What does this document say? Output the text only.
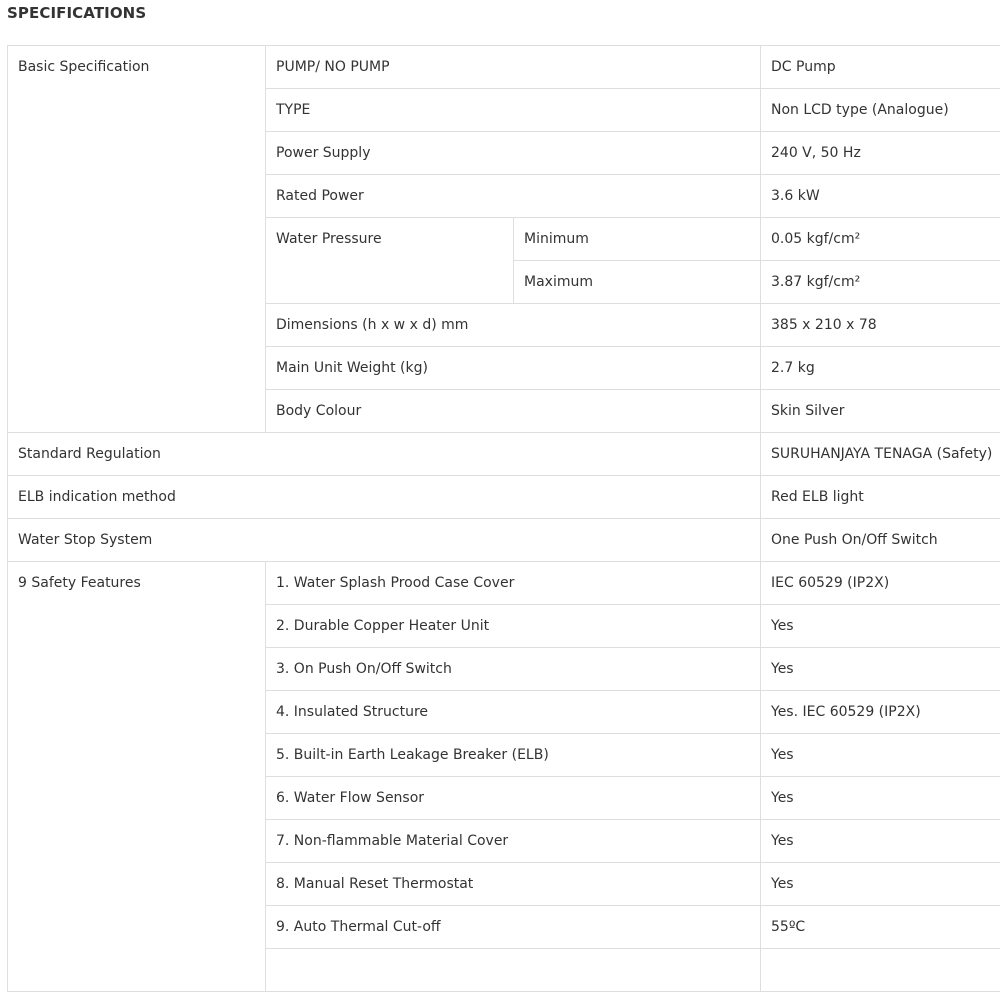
SPECIFICATIONS
Basic Specification	PUMP/ NO PUMP		DC Pump
	TYPE		Non LCD type (Analogue)
	Power Supply		240 V, 50 Hz
	Rated Power		3.6 kW
	Water Pressure	Minimum	0.05 kgf/cm²
		Maximum	3.87 kgf/cm²
	Dimensions (h x w x d) mm		385 x 210 x 78
	Main Unit Weight (kg)		2.7 kg
	Body Colour		Skin Silver
Standard Regulation			SURUHANJAYA TENAGA (Safety)
ELB indication method			Red ELB light
Water Stop System			One Push On/Off Switch
9 Safety Features	1. Water Splash Prood Case Cover		IEC 60529 (IP2X)
	2. Durable Copper Heater Unit		Yes
	3. On Push On/Off Switch		Yes
	4. Insulated Structure		Yes. IEC 60529 (IP2X)
	5. Built-in Earth Leakage Breaker (ELB)		Yes
	6. Water Flow Sensor		Yes
	7. Non-flammable Material Cover		Yes
	8. Manual Reset Thermostat		Yes
	9. Auto Thermal Cut-off		55ºC
